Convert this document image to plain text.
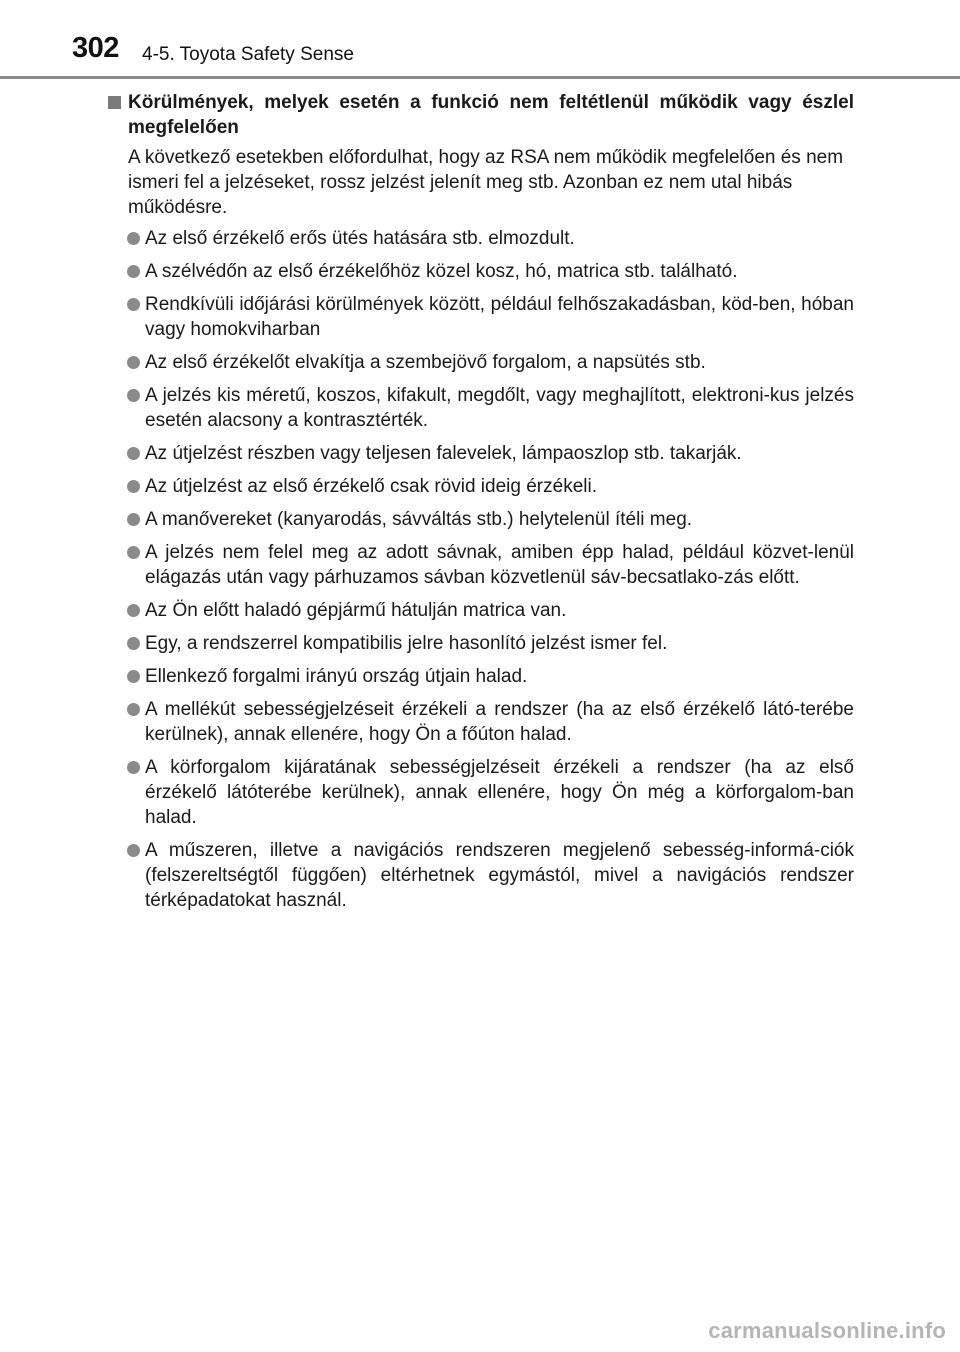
302 4-5. Toyota Safety Sense
Körülmények, melyek esetén a funkció nem feltétlenül működik vagy észlel megfelelően
A következő esetekben előfordulhat, hogy az RSA nem működik megfelelően és nem ismeri fel a jelzéseket, rossz jelzést jelenít meg stb. Azonban ez nem utal hibás működésre.
Az első érzékelő erős ütés hatására stb. elmozdult.
A szélvédőn az első érzékelőhöz közel kosz, hó, matrica stb. található.
Rendkívüli időjárási körülmények között, például felhőszakadásban, köd-ben, hóban vagy homokviharban
Az első érzékelőt elvakítja a szembejövő forgalom, a napsütés stb.
A jelzés kis méretű, koszos, kifakult, megdőlt, vagy meghajlított, elektroni-kus jelzés esetén alacsony a kontrasztérték.
Az útjelzést részben vagy teljesen falevelek, lámpaoszlop stb. takarják.
Az útjelzést az első érzékelő csak rövid ideig érzékeli.
A manővereket (kanyarodás, sávváltás stb.) helytelenül ítéli meg.
A jelzés nem felel meg az adott sávnak, amiben épp halad, például közvet-lenül elágazás után vagy párhuzamos sávban közvetlenül sáv-becsatlako-zás előtt.
Az Ön előtt haladó gépjármű hátulján matrica van.
Egy, a rendszerrel kompatibilis jelre hasonlító jelzést ismer fel.
Ellenkező forgalmi irányú ország útjain halad.
A mellékút sebességjelzéseit érzékeli a rendszer (ha az első érzékelő látó-terébe kerülnek), annak ellenére, hogy Ön a főúton halad.
A körforgalom kijáratának sebességjelzéseit érzékeli a rendszer (ha az első érzékelő látóterébe kerülnek), annak ellenére, hogy Ön még a körforgalom-ban halad.
A műszeren, illetve a navigációs rendszeren megjelenő sebesség-informá-ciók (felszereltségtől függően) eltérhetnek egymástól, mivel a navigációs rendszer térképadatokat használ.
carmanualsonline.info
